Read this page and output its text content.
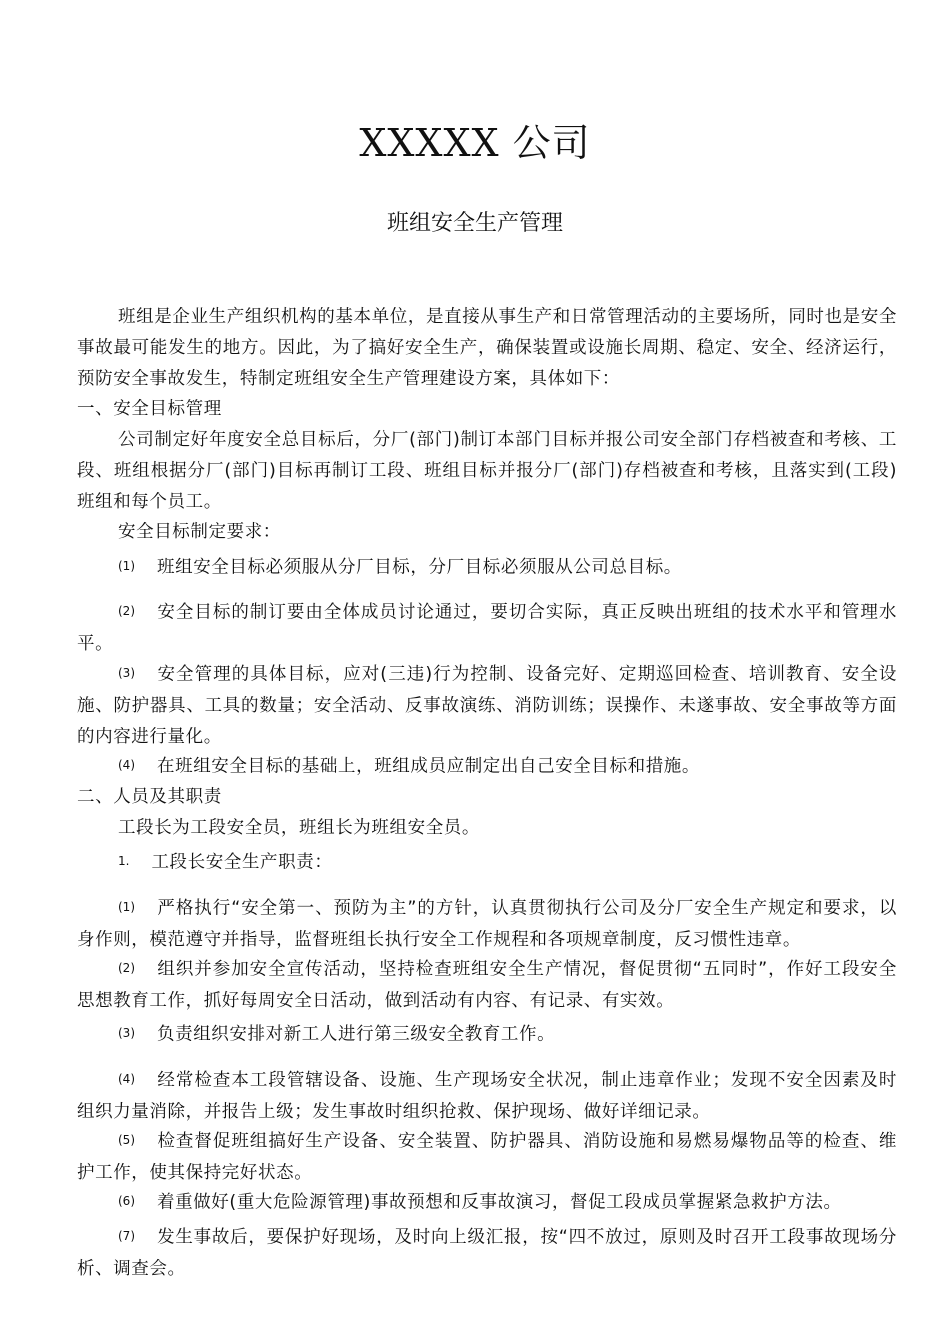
XXXXX 公司
班组安全生产管理
班组是企业生产组织机构的基本单位，是直接从事生产和日常管理活动的主要场所，同时也是安全事故最可能发生的地方。因此，为了搞好安全生产，确保装置或设施长周期、稳定、安全、经济运行，预防安全事故发生，特制定班组安全生产管理建设方案，具体如下：
一、安全目标管理
公司制定好年度安全总目标后，分厂(部门)制订本部门目标并报公司安全部门存档被查和考核、工段、班组根据分厂(部门)目标再制订工段、班组目标并报分厂(部门)存档被查和考核，且落实到(工段)班组和每个员工。
安全目标制定要求：
(1) 班组安全目标必须服从分厂目标，分厂目标必须服从公司总目标。
(2) 安全目标的制订要由全体成员讨论通过，要切合实际，真正反映出班组的技术水平和管理水平。
(3) 安全管理的具体目标，应对(三违)行为控制、设备完好、定期巡回检查、培训教育、安全设施、防护器具、工具的数量；安全活动、反事故演练、消防训练；误操作、未遂事故、安全事故等方面的内容进行量化。
(4) 在班组安全目标的基础上，班组成员应制定出自己安全目标和措施。
二、人员及其职责
工段长为工段安全员，班组长为班组安全员。
1. 工段长安全生产职责：
(1) 严格执行“安全第一、预防为主”的方针，认真贯彻执行公司及分厂安全生产规定和要求，以身作则，模范遵守并指导，监督班组长执行安全工作规程和各项规章制度，反习惯性违章。
(2) 组织并参加安全宣传活动，坚持检查班组安全生产情况，督促贯彻“五同时”，作好工段安全思想教育工作，抓好每周安全日活动，做到活动有内容、有记录、有实效。
(3) 负责组织安排对新工人进行第三级安全教育工作。
(4) 经常检查本工段管辖设备、设施、生产现场安全状况，制止违章作业；发现不安全因素及时组织力量消除，并报告上级；发生事故时组织抢救、保护现场、做好详细记录。
(5) 检查督促班组搞好生产设备、安全装置、防护器具、消防设施和易燃易爆物品等的检查、维护工作，使其保持完好状态。
(6) 着重做好(重大危险源管理)事故预想和反事故演习，督促工段成员掌握紧急救护方法。
(7) 发生事故后，要保护好现场，及时向上级汇报，按“四不放过，原则及时召开工段事故现场分析、调查会。
